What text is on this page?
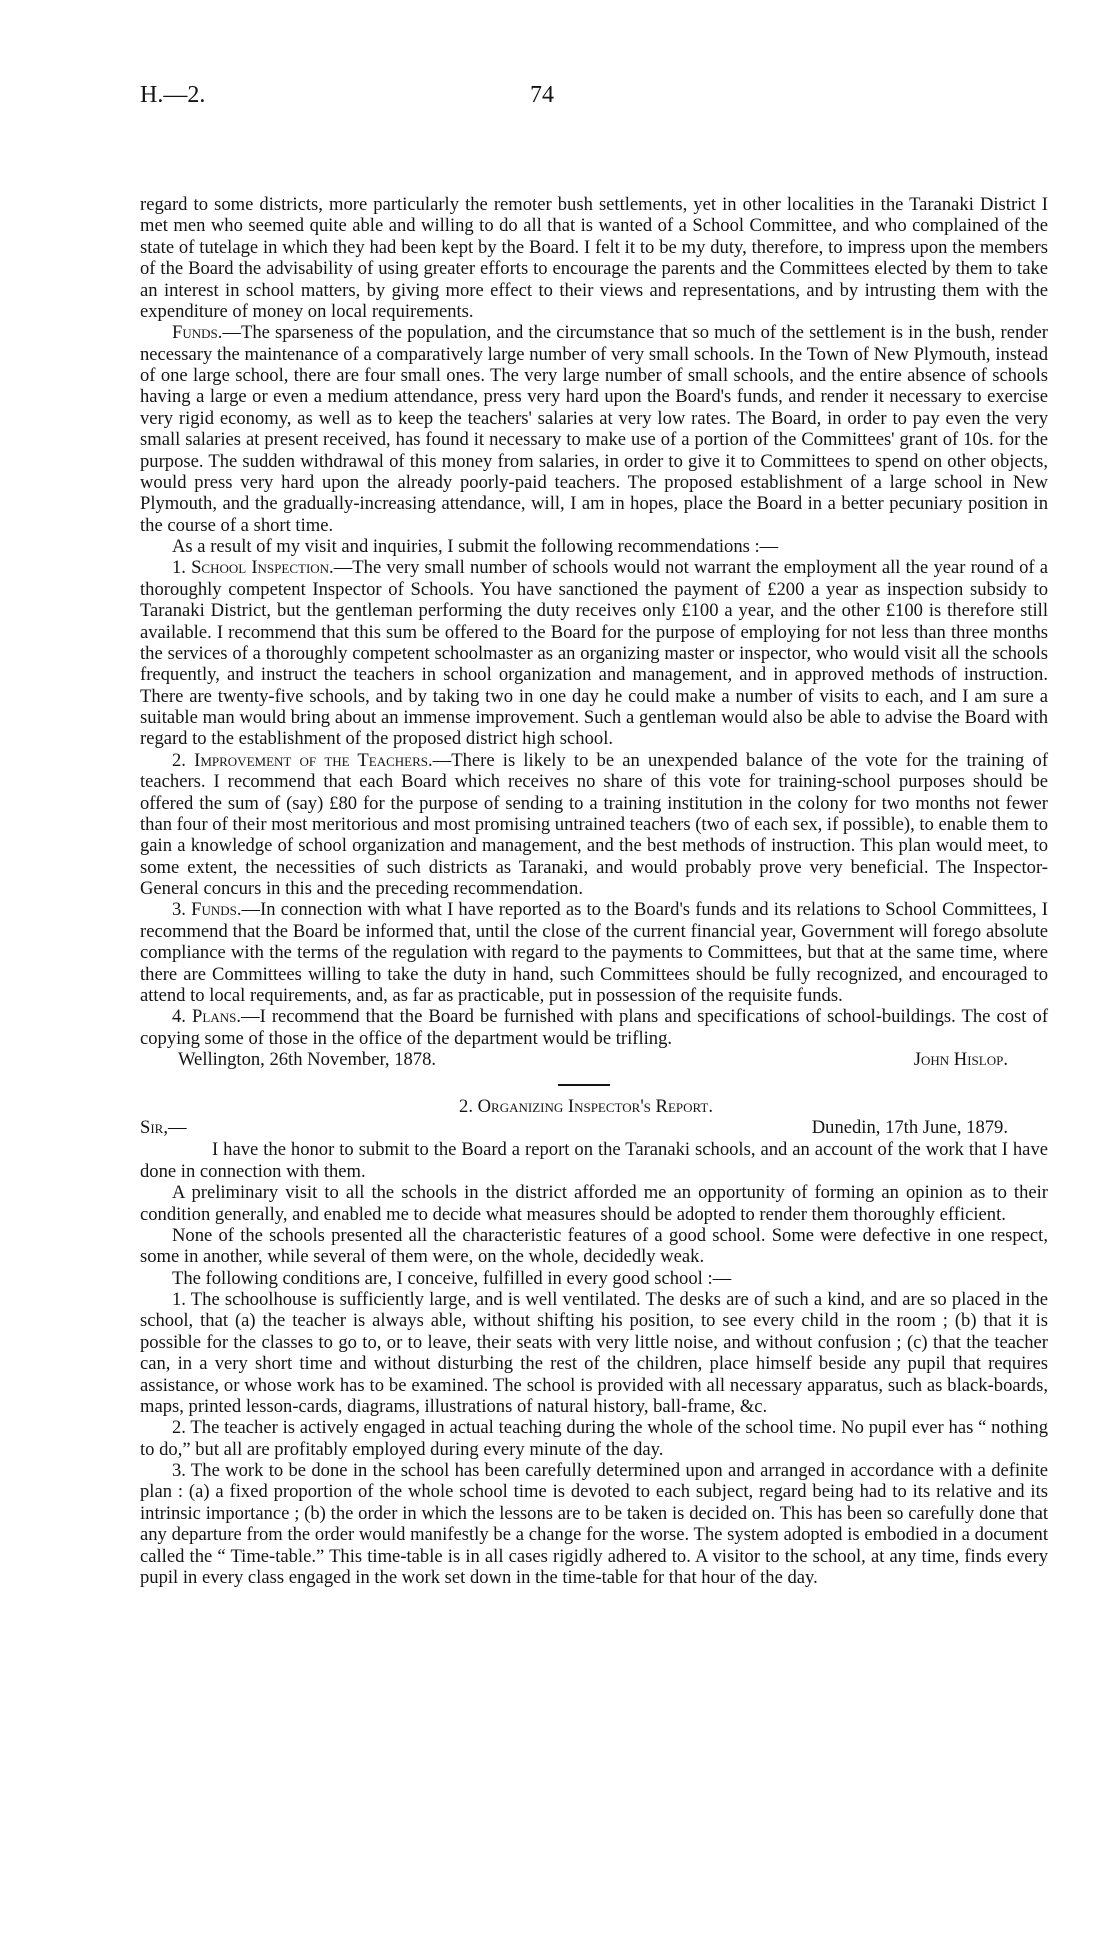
H.—2.	74

regard to some districts, more particularly the remoter bush settlements, yet in other localities in the Taranaki District I met men who seemed quite able and willing to do all that is wanted of a School Committee, and who complained of the state of tutelage in which they had been kept by the Board. I felt it to be my duty, therefore, to impress upon the members of the Board the advisability of using greater efforts to encourage the parents and the Committees elected by them to take an interest in school matters, by giving more effect to their views and representations, and by intrusting them with the expenditure of money on local requirements.

Funds.—The sparseness of the population, and the circumstance that so much of the settlement is in the bush, render necessary the maintenance of a comparatively large number of very small schools. In the Town of New Plymouth, instead of one large school, there are four small ones. The very large number of small schools, and the entire absence of schools having a large or even a medium attendance, press very hard upon the Board's funds, and render it necessary to exercise very rigid economy, as well as to keep the teachers' salaries at very low rates. The Board, in order to pay even the very small salaries at present received, has found it necessary to make use of a portion of the Committees' grant of 10s. for the purpose. The sudden withdrawal of this money from salaries, in order to give it to Committees to spend on other objects, would press very hard upon the already poorly-paid teachers. The proposed establishment of a large school in New Plymouth, and the gradually-increasing attendance, will, I am in hopes, place the Board in a better pecuniary position in the course of a short time.

As a result of my visit and inquiries, I submit the following recommendations :—

1. School Inspection.—The very small number of schools would not warrant the employment all the year round of a thoroughly competent Inspector of Schools. You have sanctioned the payment of £200 a year as inspection subsidy to Taranaki District, but the gentleman performing the duty receives only £100 a year, and the other £100 is therefore still available. I recommend that this sum be offered to the Board for the purpose of employing for not less than three months the services of a thoroughly competent schoolmaster as an organizing master or inspector, who would visit all the schools frequently, and instruct the teachers in school organization and management, and in approved methods of instruction. There are twenty-five schools, and by taking two in one day he could make a number of visits to each, and I am sure a suitable man would bring about an immense improvement. Such a gentleman would also be able to advise the Board with regard to the establishment of the proposed district high school.

2. Improvement of the Teachers.—There is likely to be an unexpended balance of the vote for the training of teachers. I recommend that each Board which receives no share of this vote for training-school purposes should be offered the sum of (say) £80 for the purpose of sending to a training institution in the colony for two months not fewer than four of their most meritorious and most promising untrained teachers (two of each sex, if possible), to enable them to gain a knowledge of school organization and management, and the best methods of instruction. This plan would meet, to some extent, the necessities of such districts as Taranaki, and would probably prove very beneficial. The Inspector-General concurs in this and the preceding recommendation.

3. Funds.—In connection with what I have reported as to the Board's funds and its relations to School Committees, I recommend that the Board be informed that, until the close of the current financial year, Government will forego absolute compliance with the terms of the regulation with regard to the payments to Committees, but that at the same time, where there are Committees willing to take the duty in hand, such Committees should be fully recognized, and encouraged to attend to local requirements, and, as far as practicable, put in possession of the requisite funds.

4. Plans.—I recommend that the Board be furnished with plans and specifications of school-buildings. The cost of copying some of those in the office of the department would be trifling.

Wellington, 26th November, 1878.	John Hislop.

2. Organizing Inspector's Report.

Sir,—	Dunedin, 17th June, 1879.

I have the honor to submit to the Board a report on the Taranaki schools, and an account of the work that I have done in connection with them.

A preliminary visit to all the schools in the district afforded me an opportunity of forming an opinion as to their condition generally, and enabled me to decide what measures should be adopted to render them thoroughly efficient.

None of the schools presented all the characteristic features of a good school. Some were defective in one respect, some in another, while several of them were, on the whole, decidedly weak.

The following conditions are, I conceive, fulfilled in every good school :—

1. The schoolhouse is sufficiently large, and is well ventilated. The desks are of such a kind, and are so placed in the school, that (a) the teacher is always able, without shifting his position, to see every child in the room ; (b) that it is possible for the classes to go to, or to leave, their seats with very little noise, and without confusion ; (c) that the teacher can, in a very short time and without disturbing the rest of the children, place himself beside any pupil that requires assistance, or whose work has to be examined. The school is provided with all necessary apparatus, such as black-boards, maps, printed lesson-cards, diagrams, illustrations of natural history, ball-frame, &c.

2. The teacher is actively engaged in actual teaching during the whole of the school time. No pupil ever has “ nothing to do,” but all are profitably employed during every minute of the day.

3. The work to be done in the school has been carefully determined upon and arranged in accordance with a definite plan : (a) a fixed proportion of the whole school time is devoted to each subject, regard being had to its relative and its intrinsic importance ; (b) the order in which the lessons are to be taken is decided on. This has been so carefully done that any departure from the order would manifestly be a change for the worse. The system adopted is embodied in a document called the “ Time-table.” This time-table is in all cases rigidly adhered to. A visitor to the school, at any time, finds every pupil in every class engaged in the work set down in the time-table for that hour of the day.
